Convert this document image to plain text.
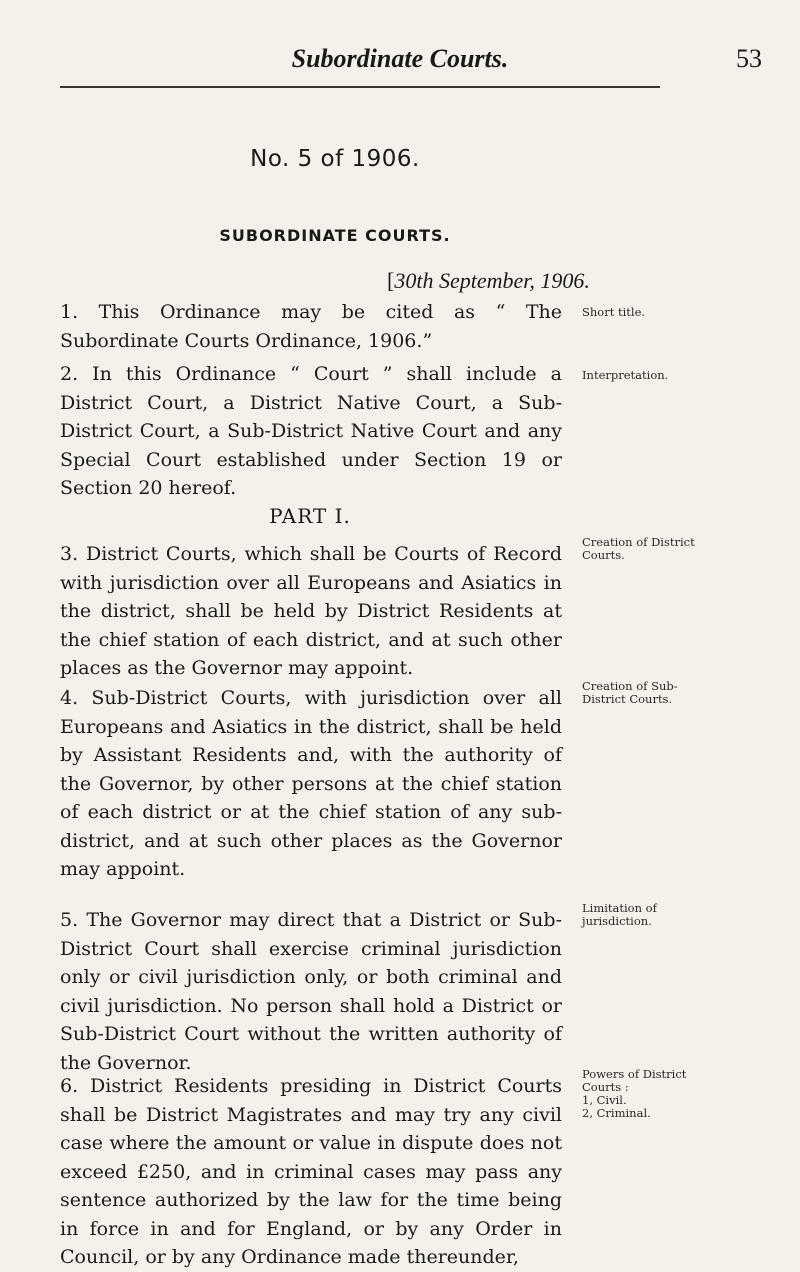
Subordinate Courts.	53
No. 5 of 1906.
SUBORDINATE COURTS.
[30th September, 1906.
1. This Ordinance may be cited as “ The Subordinate Courts Ordinance, 1906.”
2. In this Ordinance “ Court ” shall include a District Court, a District Native Court, a Sub-District Court, a Sub-District Native Court and any Special Court established under Section 19 or Section 20 hereof.
PART I.
3. District Courts, which shall be Courts of Record with jurisdiction over all Europeans and Asiatics in the district, shall be held by District Residents at the chief station of each district, and at such other places as the Governor may appoint.
4. Sub-District Courts, with jurisdiction over all Europeans and Asiatics in the district, shall be held by Assistant Residents and, with the authority of the Governor, by other persons at the chief station of each district or at the chief station of any sub-district, and at such other places as the Governor may appoint.
5. The Governor may direct that a District or Sub-District Court shall exercise criminal jurisdiction only or civil jurisdiction only, or both criminal and civil jurisdiction. No person shall hold a District or Sub-District Court without the written authority of the Governor.
6. District Residents presiding in District Courts shall be District Magistrates and may try any civil case where the amount or value in dispute does not exceed £250, and in criminal cases may pass any sentence authorized by the law for the time being in force in and for England, or by any Order in Council, or by any Ordinance made thereunder,
Short title.
Interpretation.
Creation of District
Courts.
Creation of Sub-
District Courts.
Limitation of
jurisdiction.
Powers of District
Courts :
1, Civil.
2, Criminal.
